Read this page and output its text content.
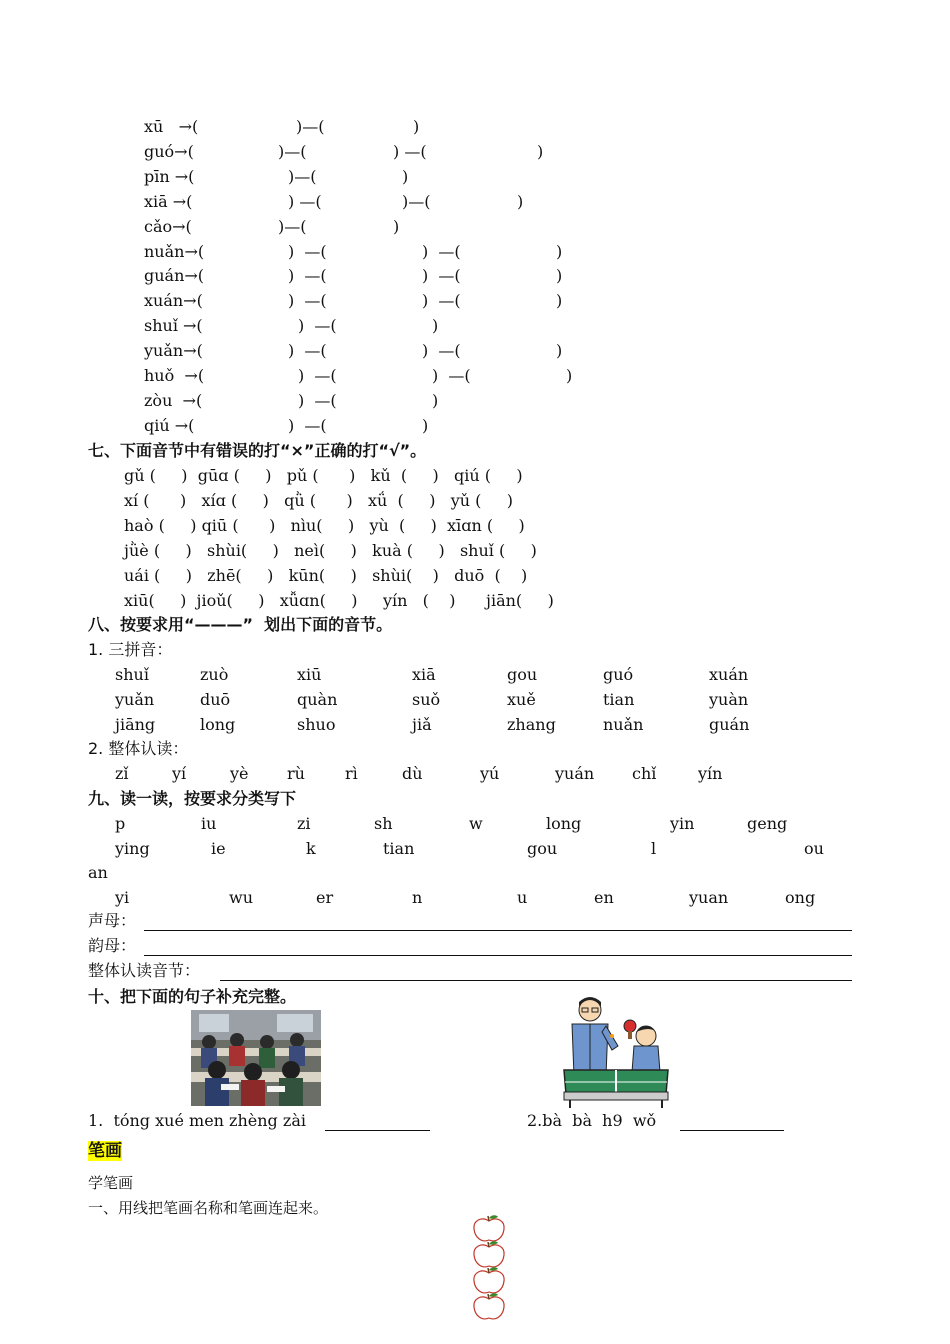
xū   →(	)—(	)
guó→(	)—(	) —(	)
pīn →(	)—(	)
xiā →(	) —(	)—(	)
cǎo→(	)—(	)
nuǎn→(	)  —(	)  —(	)
guán→(	)  —(	)  —(	)
xuán→(	)  —(	)  —(	)
shuǐ →(	)  —(	)
yuǎn→(	)  —(	)  —(	)
huǒ  →(	)  —(	)  —(	)
zòu  →(	)  —(	)
qiú →(	)  —(	)
七、下面音节中有错误的打“×”正确的打“√”。
gǔ (     )  gūɑ (     )   pǔ (      )   kǔ  (     )   qiú (     )
xí (      )   xíɑ (     )   qǜ (      )   xǘ  (     )   yǔ (     )
haò (     ) qiū (      )   nìu(     )   yù  (     )  xīɑn (     )
jǜè (     )   shùi(     )   neì(     )   kuà (     )   shuǐ (     )
uái (     )   zhē(     )   kūn(     )   shùi(    )   duō  (    )
xiū(     )  jioǔ(     )   xǚɑn(     )     yín   (    )      jiān(     )
八、按要求用“———”  划出下面的音节。
1. 三拼音：
shuǐ	zuò	xiū	xiā	gou	guó	xuán
yuǎn	duō	quàn	suǒ	xuě	tian	yuàn
jiāng	long	shuo	jiǎ	zhang	nuǎn	guán
2. 整体认读：
zǐ	yí	yè rù	rì	dù	yú	yuán chǐ	yín
九、读一读，按要求分类写下
p	iu	zi	sh	w	long	yin	geng
ying	ie	k	tian	gou	l	ou
yi	wu	er	n	u	en	yuan	ong
an
声母：
韵母：
整体认读音节：
十、把下面的句子补充完整。
1.  tóng xué men zhèng zài	2.bà  bà  h9  wǒ
笔画
学笔画
一、用线把笔画名称和笔画连起来。
